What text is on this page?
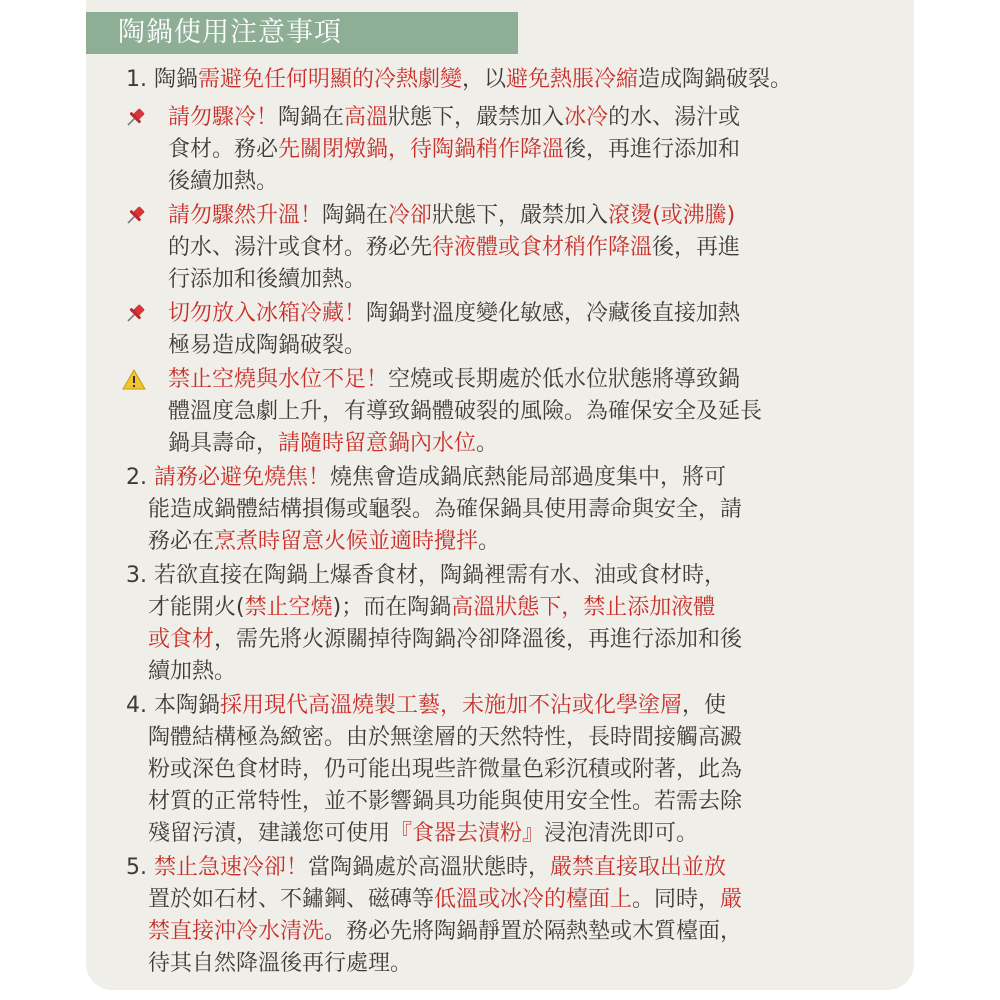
陶鍋使用注意事項
1. 陶鍋需避免任何明顯的冷熱劇變，以避免熱脹冷縮造成陶鍋破裂。
請勿驟冷！陶鍋在高溫狀態下，嚴禁加入冰冷的水、湯汁或
食材。務必先關閉燉鍋，待陶鍋稍作降溫後，再進行添加和
後續加熱。
請勿驟然升溫！陶鍋在冷卻狀態下，嚴禁加入滾燙(或沸騰)
的水、湯汁或食材。務必先待液體或食材稍作降溫後，再進
行添加和後續加熱。
切勿放入冰箱冷藏！陶鍋對溫度變化敏感，冷藏後直接加熱
極易造成陶鍋破裂。
禁止空燒與水位不足！空燒或長期處於低水位狀態將導致鍋
體溫度急劇上升，有導致鍋體破裂的風險。為確保安全及延長
鍋具壽命，請隨時留意鍋內水位。
2. 請務必避免燒焦！燒焦會造成鍋底熱能局部過度集中，將可
能造成鍋體結構損傷或龜裂。為確保鍋具使用壽命與安全，請
務必在烹煮時留意火候並適時攪拌。
3. 若欲直接在陶鍋上爆香食材，陶鍋裡需有水、油或食材時，
才能開火(禁止空燒)；而在陶鍋高溫狀態下，禁止添加液體
或食材，需先將火源關掉待陶鍋冷卻降溫後，再進行添加和後
續加熱。
4. 本陶鍋採用現代高溫燒製工藝，未施加不沾或化學塗層，使
陶體結構極為緻密。由於無塗層的天然特性，長時間接觸高澱
粉或深色食材時，仍可能出現些許微量色彩沉積或附著，此為
材質的正常特性，並不影響鍋具功能與使用安全性。若需去除
殘留污漬，建議您可使用『食器去漬粉』浸泡清洗即可。
5. 禁止急速冷卻！當陶鍋處於高溫狀態時，嚴禁直接取出並放
置於如石材、不鏽鋼、磁磚等低溫或冰冷的檯面上。同時，嚴
禁直接沖冷水清洗。務必先將陶鍋靜置於隔熱墊或木質檯面，
待其自然降溫後再行處理。
